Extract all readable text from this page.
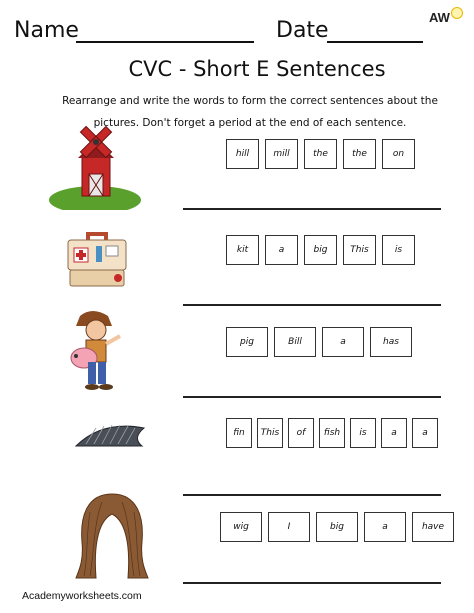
Name	Date
AW
CVC - Short E Sentences
Rearrange and write the words to form the correct sentences about the pictures. Don't forget a period at the end of each sentence.
hill	mill	the	the	on
kit	a	big	This	is
pig	Bill	a	has
fin	This	of	fish	is	a	a
wig	I	big	a	have
Academyworksheets.com
